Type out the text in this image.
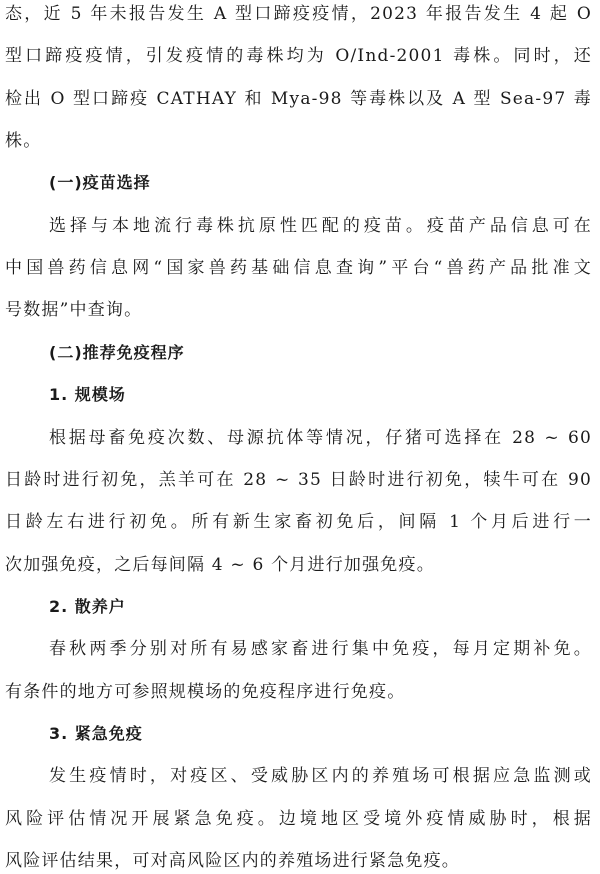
态，近 5 年未报告发生 A 型口蹄疫疫情，2023 年报告发生 4 起 O
型口蹄疫疫情，引发疫情的毒株均为 O/Ind-2001 毒株。同时，还
检出 O 型口蹄疫 CATHAY 和 Mya-98 等毒株以及 A 型 Sea-97 毒
株。
(一)疫苗选择
选择与本地流行毒株抗原性匹配的疫苗。疫苗产品信息可在
中国兽药信息网“国家兽药基础信息查询”平台“兽药产品批准文
号数据”中查询。
(二)推荐免疫程序
1. 规模场
根据母畜免疫次数、母源抗体等情况，仔猪可选择在 28 ~ 60
日龄时进行初免，羔羊可在 28 ~ 35 日龄时进行初免，犊牛可在 90
日龄左右进行初免。所有新生家畜初免后，间隔 1 个月后进行一
次加强免疫，之后每间隔 4 ~ 6 个月进行加强免疫。
2. 散养户
春秋两季分别对所有易感家畜进行集中免疫，每月定期补免。
有条件的地方可参照规模场的免疫程序进行免疫。
3. 紧急免疫
发生疫情时，对疫区、受威胁区内的养殖场可根据应急监测或
风险评估情况开展紧急免疫。边境地区受境外疫情威胁时，根据
风险评估结果，可对高风险区内的养殖场进行紧急免疫。
